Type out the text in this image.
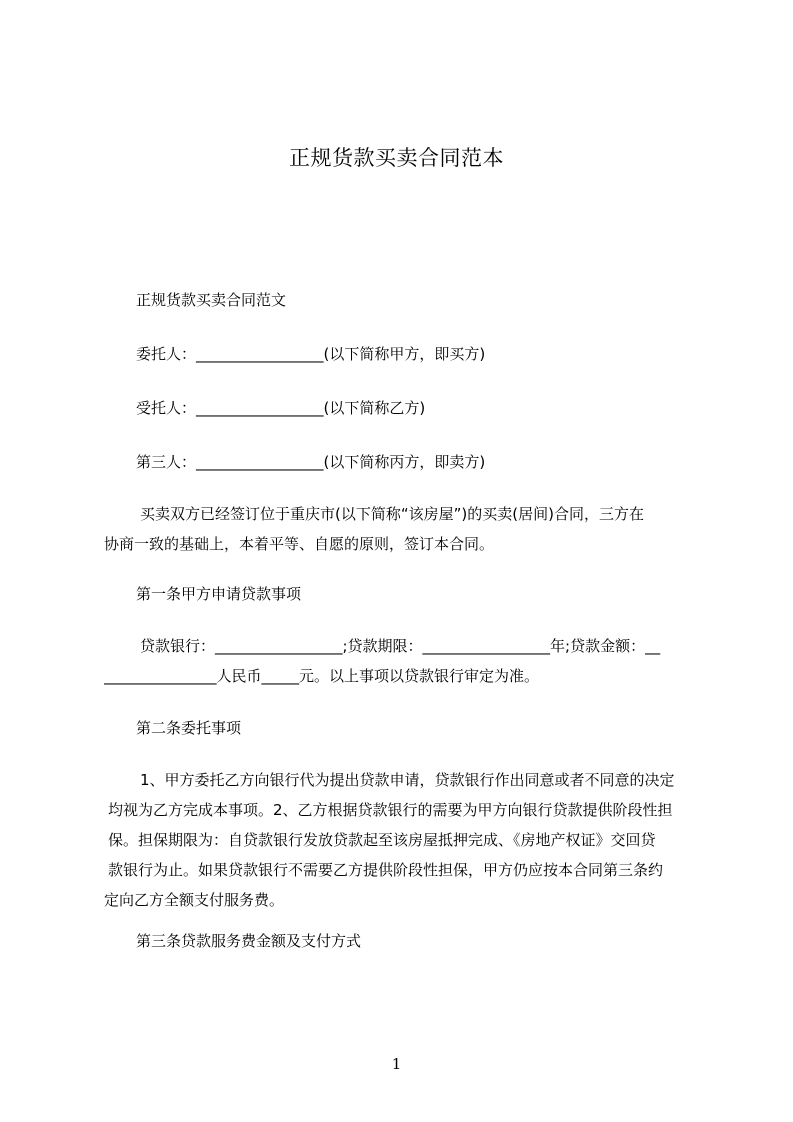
正规货款买卖合同范本
正规货款买卖合同范文
委托人：_________________(以下简称甲方，即买方)
受托人：_________________(以下简称乙方)
第三人：_________________(以下简称丙方，即卖方)
买卖双方已经签订位于重庆市(以下简称“该房屋”)的买卖(居间)合同，三方在
协商一致的基础上，本着平等、自愿的原则，签订本合同。
第一条甲方申请贷款事项
贷款银行：_________________;贷款期限：_________________年;贷款金额：__
_______________人民币_____元。以上事项以贷款银行审定为准。
第二条委托事项
1、甲方委托乙方向银行代为提出贷款申请，贷款银行作出同意或者不同意的决定
均视为乙方完成本事项。2、乙方根据贷款银行的需要为甲方向银行贷款提供阶段性担
保。担保期限为：自贷款银行发放贷款起至该房屋抵押完成、《房地产权证》交回贷
款银行为止。如果贷款银行不需要乙方提供阶段性担保，甲方仍应按本合同第三条约
定向乙方全额支付服务费。
第三条贷款服务费金额及支付方式
1
